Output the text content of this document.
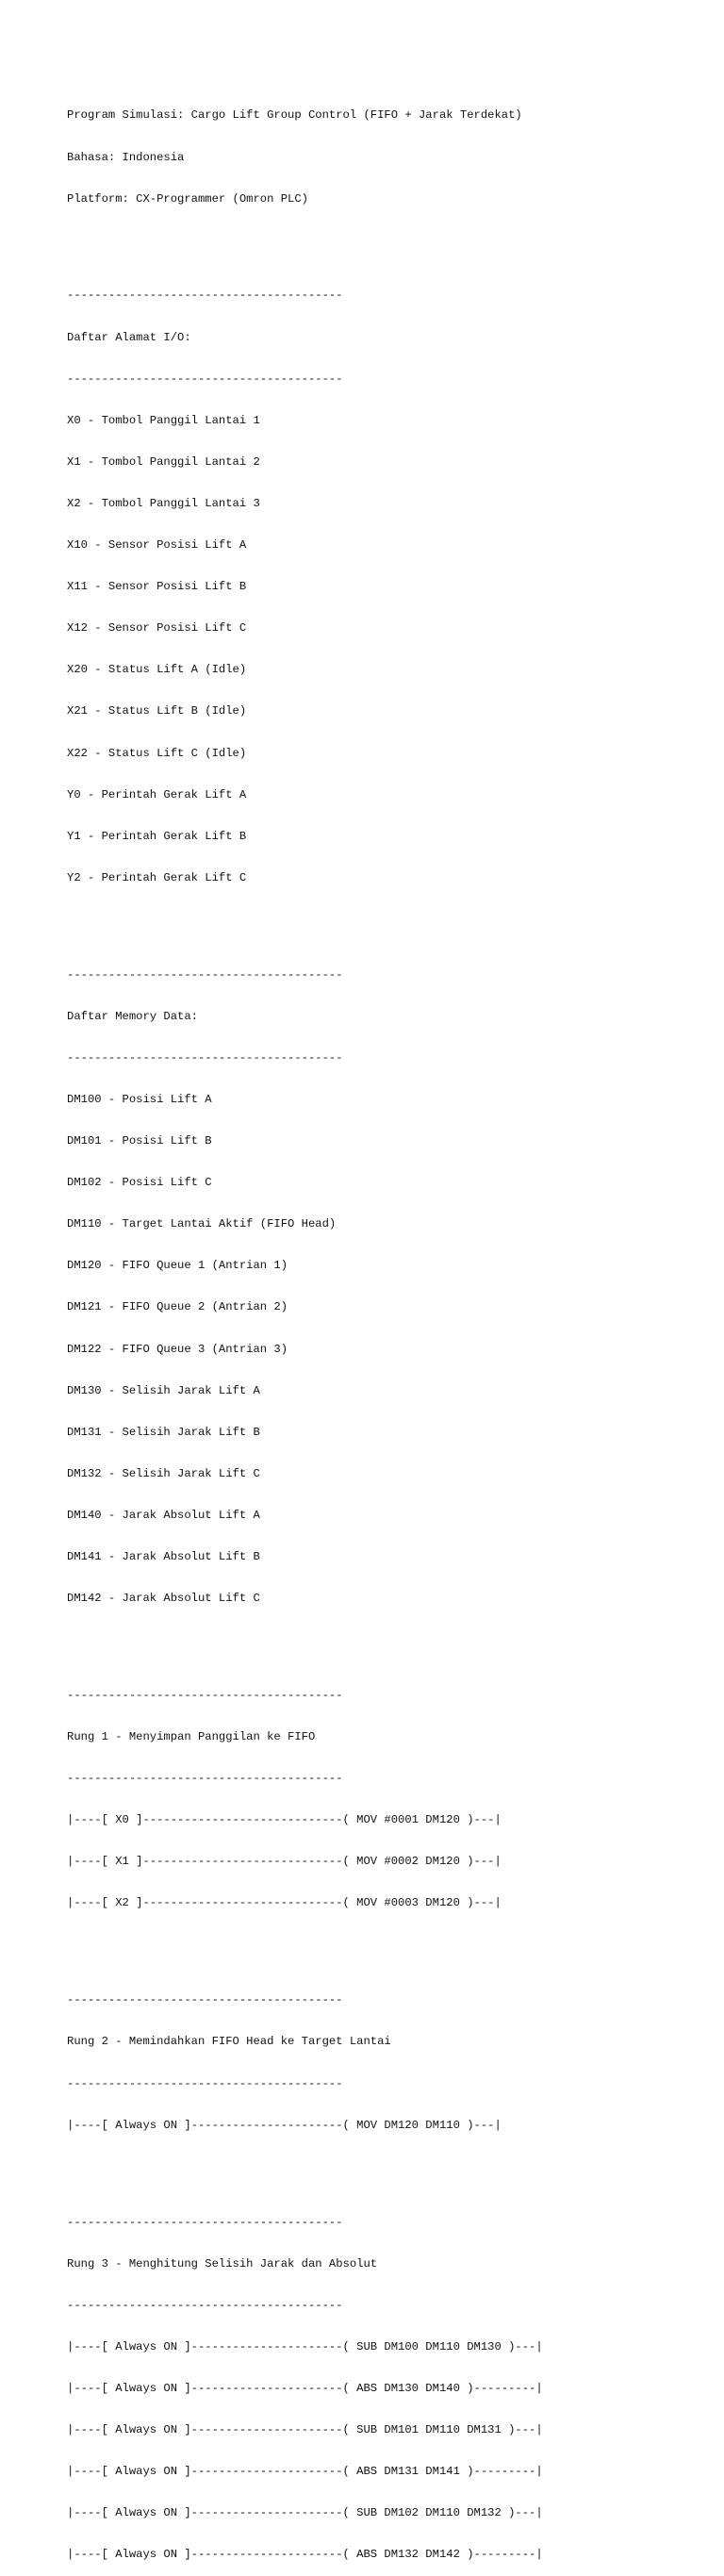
Program Simulasi: Cargo Lift Group Control (FIFO + Jarak Terdekat)

Bahasa: Indonesia

Platform: CX-Programmer (Omron PLC)

----------------------------------------

Daftar Alamat I/O:

----------------------------------------

X0 - Tombol Panggil Lantai 1

X1 - Tombol Panggil Lantai 2

X2 - Tombol Panggil Lantai 3

X10 - Sensor Posisi Lift A

X11 - Sensor Posisi Lift B

X12 - Sensor Posisi Lift C

X20 - Status Lift A (Idle)

X21 - Status Lift B (Idle)

X22 - Status Lift C (Idle)

Y0 - Perintah Gerak Lift A

Y1 - Perintah Gerak Lift B

Y2 - Perintah Gerak Lift C

----------------------------------------

Daftar Memory Data:

----------------------------------------

DM100 - Posisi Lift A

DM101 - Posisi Lift B

DM102 - Posisi Lift C

DM110 - Target Lantai Aktif (FIFO Head)

DM120 - FIFO Queue 1 (Antrian 1)

DM121 - FIFO Queue 2 (Antrian 2)

DM122 - FIFO Queue 3 (Antrian 3)

DM130 - Selisih Jarak Lift A

DM131 - Selisih Jarak Lift B

DM132 - Selisih Jarak Lift C

DM140 - Jarak Absolut Lift A

DM141 - Jarak Absolut Lift B

DM142 - Jarak Absolut Lift C

----------------------------------------

Rung 1 - Menyimpan Panggilan ke FIFO

----------------------------------------

|----[ X0 ]-----------------------------( MOV #0001 DM120 )---|

|----[ X1 ]-----------------------------( MOV #0002 DM120 )---|

|----[ X2 ]-----------------------------( MOV #0003 DM120 )---|

----------------------------------------

Rung 2 - Memindahkan FIFO Head ke Target Lantai

----------------------------------------

|----[ Always ON ]----------------------( MOV DM120 DM110 )---|

----------------------------------------

Rung 3 - Menghitung Selisih Jarak dan Absolut

----------------------------------------

|----[ Always ON ]----------------------( SUB DM100 DM110 DM130 )---|

|----[ Always ON ]----------------------( ABS DM130 DM140 )---------|

|----[ Always ON ]----------------------( SUB DM101 DM110 DM131 )---|

|----[ Always ON ]----------------------( ABS DM131 DM141 )---------|

|----[ Always ON ]----------------------( SUB DM102 DM110 DM132 )---|

|----[ Always ON ]----------------------( ABS DM132 DM142 )---------|
